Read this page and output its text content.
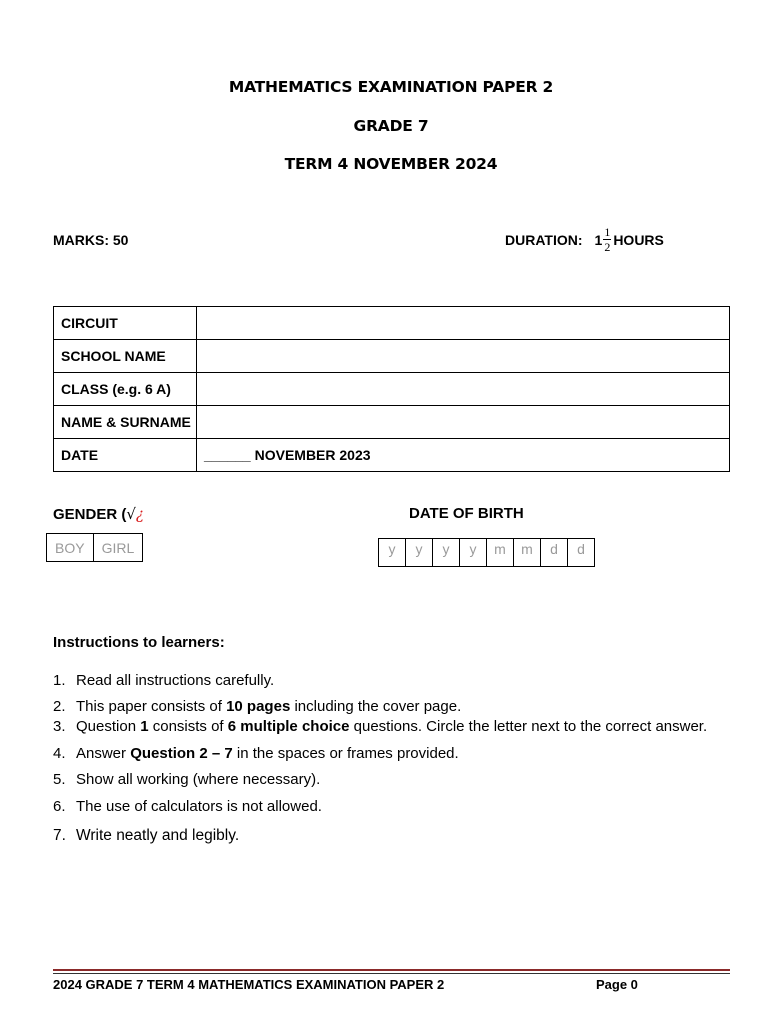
MATHEMATICS EXAMINATION PAPER 2
GRADE 7
TERM 4 NOVEMBER 2024
MARKS: 50	DURATION: $1 \frac{1}{2}$ HOURS
CIRCUIT	
SCHOOL NAME	
CLASS (e.g. 6 A)	
NAME & SURNAME	
DATE	______ NOVEMBER 2023
GENDER (√¿
BOY	GIRL
DATE OF BIRTH
y	y	y	y	m	m	d	d
Instructions to learners:
1. Read all instructions carefully.
2. This paper consists of 10 pages including the cover page.
3. Question 1 consists of 6 multiple choice questions. Circle the letter next to the correct answer.
4. Answer Question 2 – 7 in the spaces or frames provided.
5. Show all working (where necessary).
6. The use of calculators is not allowed.
7. Write neatly and legibly.
2024 GRADE 7 TERM 4 MATHEMATICS EXAMINATION PAPER 2	Page 0
